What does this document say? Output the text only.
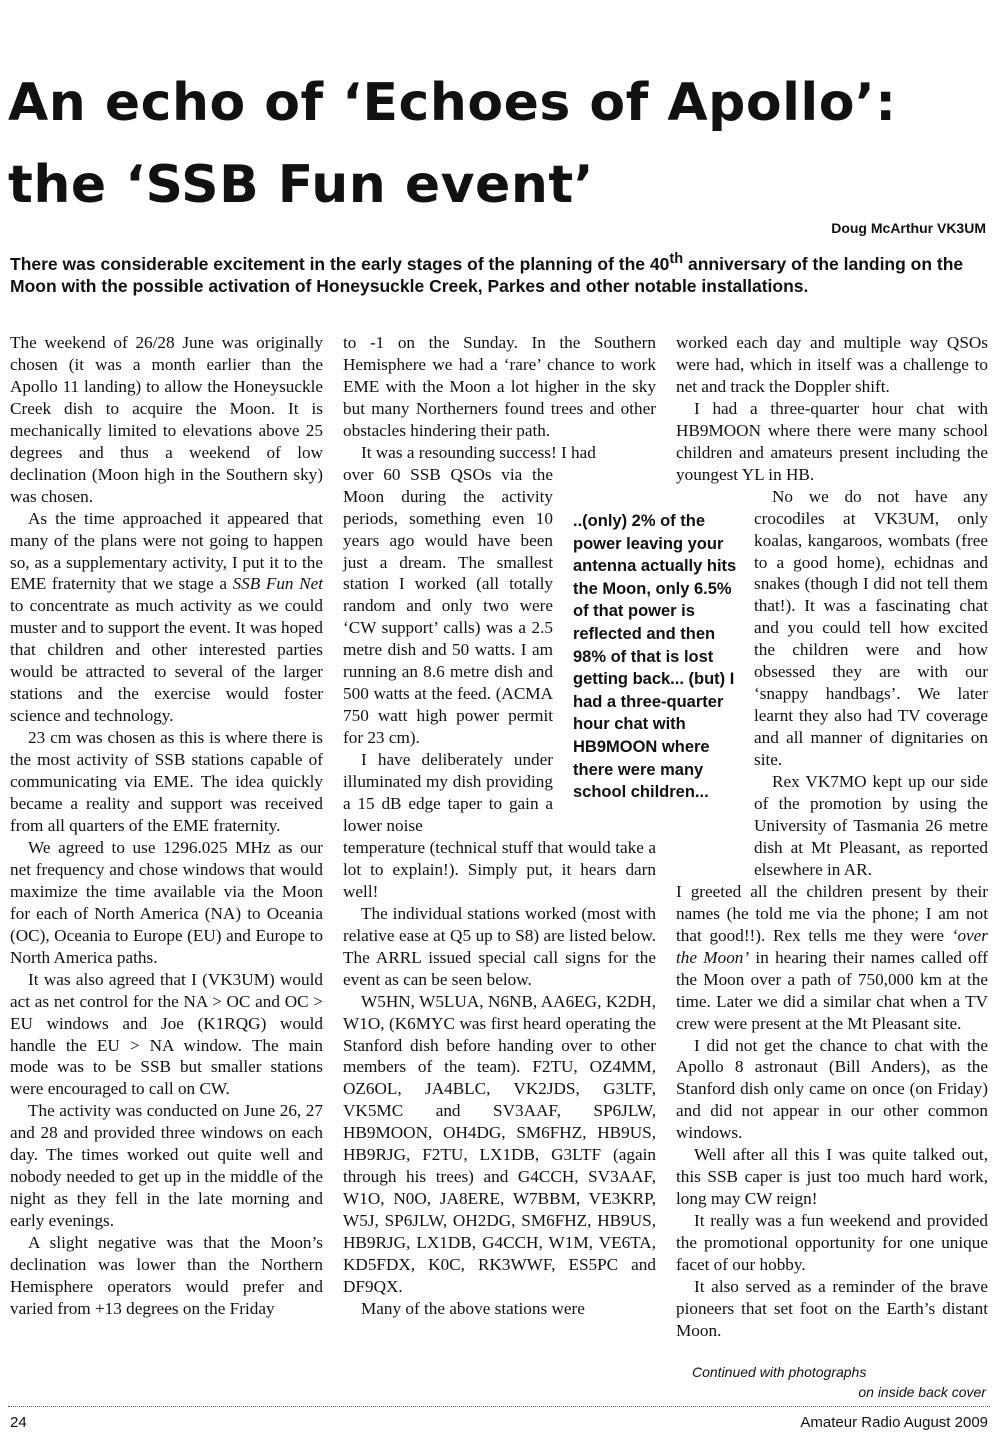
An echo of ‘Echoes of Apollo’: the ‘SSB Fun event’

Doug McArthur VK3UM

There was considerable excitement in the early stages of the planning of the 40th anniversary of the landing on the Moon with the possible activation of Honeysuckle Creek, Parkes and other notable installations.

The weekend of 26/28 June was originally chosen (it was a month earlier than the Apollo 11 landing) to allow the Honeysuckle Creek dish to acquire the Moon. It is mechanically limited to elevations above 25 degrees and thus a weekend of low declination (Moon high in the Southern sky) was chosen.

As the time approached it appeared that many of the plans were not going to happen so, as a supplementary activity, I put it to the EME fraternity that we stage a SSB Fun Net to concentrate as much activity as we could muster and to support the event. It was hoped that children and other interested parties would be attracted to several of the larger stations and the exercise would foster science and technology.

23 cm was chosen as this is where there is the most activity of SSB stations capable of communicating via EME. The idea quickly became a reality and support was received from all quarters of the EME fraternity.

We agreed to use 1296.025 MHz as our net frequency and chose windows that would maximize the time available via the Moon for each of North America (NA) to Oceania (OC), Oceania to Europe (EU) and Europe to North America paths.

It was also agreed that I (VK3UM) would act as net control for the NA > OC and OC > EU windows and Joe (K1RQG) would handle the EU > NA window. The main mode was to be SSB but smaller stations were encouraged to call on CW.

The activity was conducted on June 26, 27 and 28 and provided three windows on each day. The times worked out quite well and nobody needed to get up in the middle of the night as they fell in the late morning and early evenings.

A slight negative was that the Moon’s declination was lower than the Northern Hemisphere operators would prefer and varied from +13 degrees on the Friday

to -1 on the Sunday. In the Southern Hemisphere we had a ‘rare’ chance to work EME with the Moon a lot higher in the sky but many Northerners found trees and other obstacles hindering their path.

It was a resounding success! I had

over 60 SSB QSOs via the Moon during the activity periods, something even 10 years ago would have been just a dream. The smallest station I worked (all totally random and only two were ‘CW support’ calls) was a 2.5 metre dish and 50 watts. I am running an 8.6 metre dish and 500 watts at the feed. (ACMA 750 watt high power permit for 23 cm).

I have deliberately under illuminated my dish providing a 15 dB edge taper to gain a lower noise

temperature (technical stuff that would take a lot to explain!). Simply put, it hears darn well!

The individual stations worked (most with relative ease at Q5 up to S8) are listed below. The ARRL issued special call signs for the event as can be seen below.

W5HN, W5LUA, N6NB, AA6EG, K2DH, W1O, (K6MYC was first heard operating the Stanford dish before handing over to other members of the team). F2TU, OZ4MM, OZ6OL, JA4BLC, VK2JDS, G3LTF, VK5MC and SV3AAF, SP6JLW, HB9MOON, OH4DG, SM6FHZ, HB9US, HB9RJG, F2TU, LX1DB, G3LTF (again through his trees) and G4CCH, SV3AAF, W1O, N0O, JA8ERE, W7BBM, VE3KRP, W5J, SP6JLW, OH2DG, SM6FHZ, HB9US, HB9RJG, LX1DB, G4CCH, W1M, VE6TA, KD5FDX, K0C, RK3WWF, ES5PC and DF9QX.

Many of the above stations were

..(only) 2% of the power leaving your antenna actually hits the Moon, only 6.5% of that power is reflected and then 98% of that is lost getting back... (but) I had a three-quarter hour chat with HB9MOON where there were many school children...

worked each day and multiple way QSOs were had, which in itself was a challenge to net and track the Doppler shift.

I had a three-quarter hour chat with HB9MOON where there were many school children and amateurs present including the youngest YL in HB.

No we do not have any crocodiles at VK3UM, only koalas, kangaroos, wombats (free to a good home), echidnas and snakes (though I did not tell them that!). It was a fascinating chat and you could tell how excited the children were and how obsessed they are with our ‘snappy handbags’. We later learnt they also had TV coverage and all manner of dignitaries on site.

Rex VK7MO kept up our side of the promotion by using the University of Tasmania 26 metre dish at Mt Pleasant, as reported elsewhere in AR.

I greeted all the children present by their names (he told me via the phone; I am not that good!!). Rex tells me they were ‘over the Moon’ in hearing their names called off the Moon over a path of 750,000 km at the time. Later we did a similar chat when a TV crew were present at the Mt Pleasant site.

I did not get the chance to chat with the Apollo 8 astronaut (Bill Anders), as the Stanford dish only came on once (on Friday) and did not appear in our other common windows.

Well after all this I was quite talked out, this SSB caper is just too much hard work, long may CW reign!

It really was a fun weekend and provided the promotional opportunity for one unique facet of our hobby.

It also served as a reminder of the brave pioneers that set foot on the Earth’s distant Moon.

Continued with photographs

on inside back cover

24	Amateur Radio August 2009
